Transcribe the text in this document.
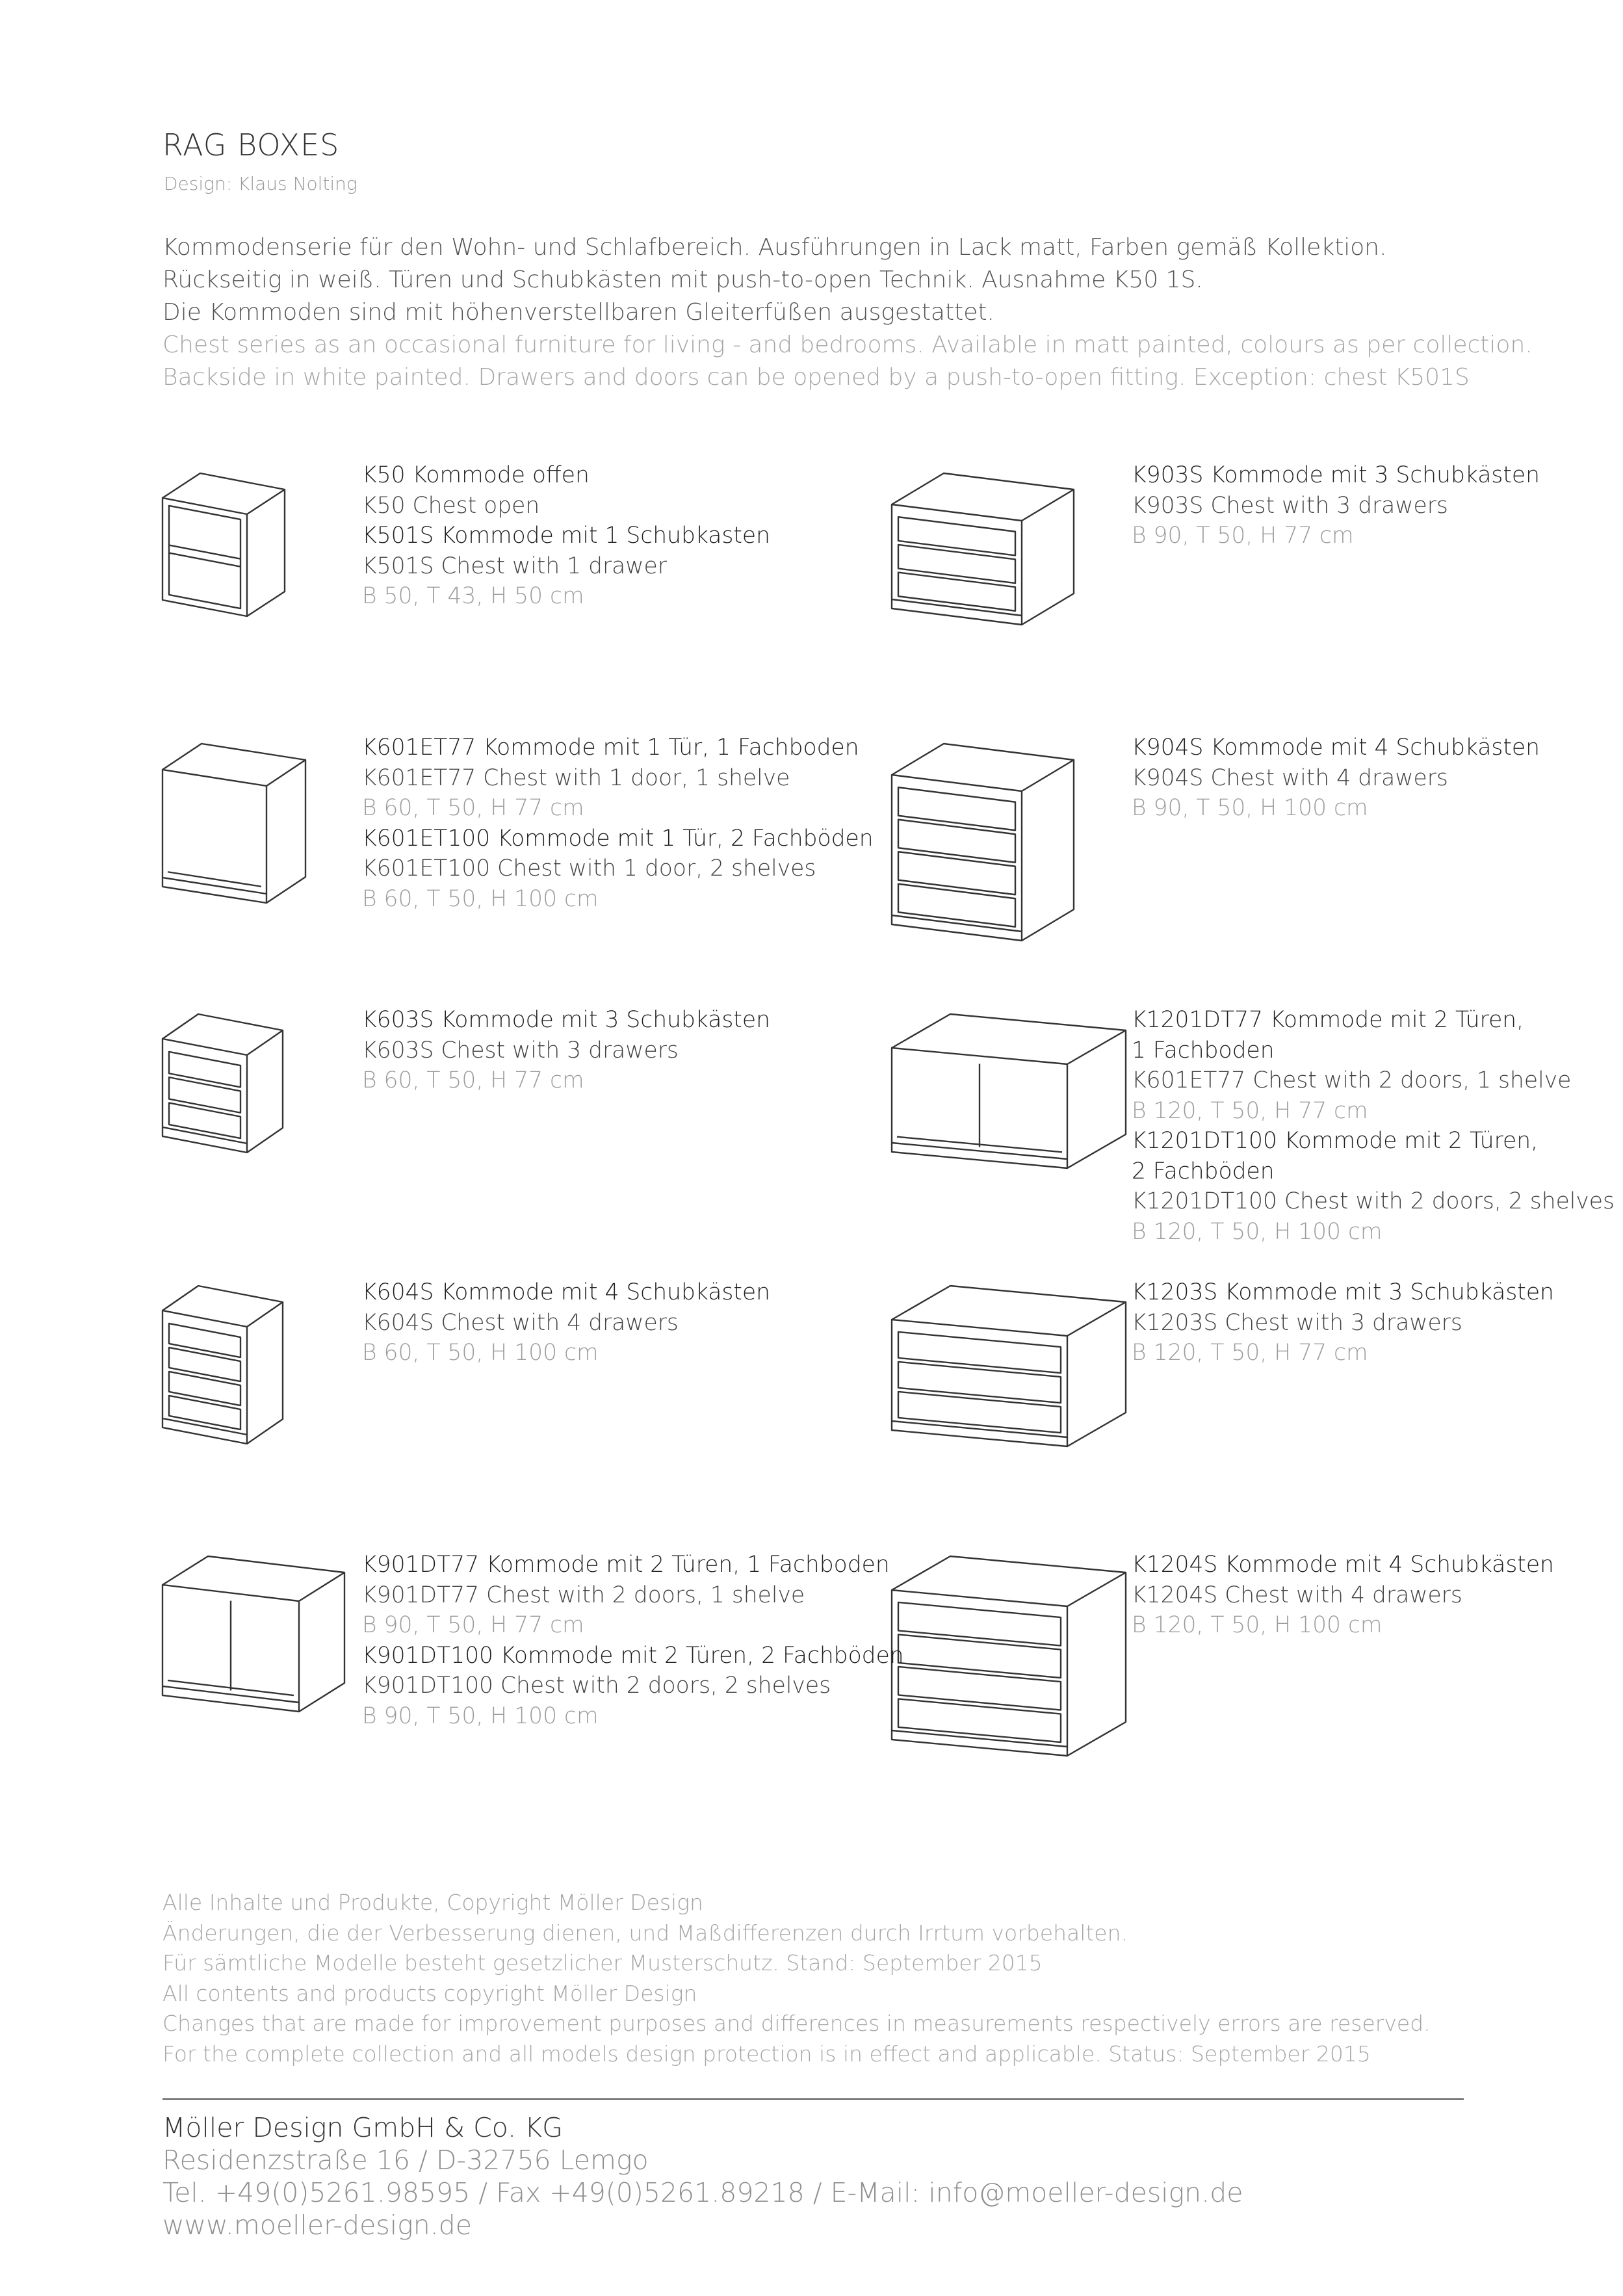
RAG BOXES
Design: Klaus Nolting
Kommodenserie für den Wohn- und Schlafbereich. Ausführungen in Lack matt, Farben gemäß Kollektion.
Rückseitig in weiß. Türen und Schubkästen mit push-to-open Technik. Ausnahme K50 1S.
Die Kommoden sind mit höhenverstellbaren Gleiterfüßen ausgestattet.
Chest series as an occasional furniture for living - and bedrooms. Available in matt painted, colours as per collection.
Backside in white painted. Drawers and doors can be opened by a push-to-open fitting. Exception: chest K501S
K50 Kommode offen
K50 Chest open
K501S Kommode mit 1 Schubkasten
K501S Chest with 1 drawer
B 50, T 43, H 50 cm
K903S Kommode mit 3 Schubkästen
K903S Chest with 3 drawers
B 90, T 50, H 77 cm
K601ET77 Kommode mit 1 Tür, 1 Fachboden
K601ET77 Chest with 1 door, 1 shelve
B 60, T 50, H 77 cm
K601ET100 Kommode mit 1 Tür, 2 Fachböden
K601ET100 Chest with 1 door, 2 shelves
B 60, T 50, H 100 cm
K904S Kommode mit 4 Schubkästen
K904S Chest with 4 drawers
B 90, T 50, H 100 cm
K603S Kommode mit 3 Schubkästen
K603S Chest with 3 drawers
B 60, T 50, H 77 cm
K1201DT77 Kommode mit 2 Türen,
1 Fachboden
K601ET77 Chest with 2 doors, 1 shelve
B 120, T 50, H 77 cm
K1201DT100 Kommode mit 2 Türen,
2 Fachböden
K1201DT100 Chest with 2 doors, 2 shelves
B 120, T 50, H 100 cm
K604S Kommode mit 4 Schubkästen
K604S Chest with 4 drawers
B 60, T 50, H 100 cm
K1203S Kommode mit 3 Schubkästen
K1203S Chest with 3 drawers
B 120, T 50, H 77 cm
K901DT77 Kommode mit 2 Türen, 1 Fachboden
K901DT77 Chest with 2 doors, 1 shelve
B 90, T 50, H 77 cm
K901DT100 Kommode mit 2 Türen, 2 Fachböden
K901DT100 Chest with 2 doors, 2 shelves
B 90, T 50, H 100 cm
K1204S Kommode mit 4 Schubkästen
K1204S Chest with 4 drawers
B 120, T 50, H 100 cm
Alle Inhalte und Produkte, Copyright Möller Design
Änderungen, die der Verbesserung dienen, und Maßdifferenzen durch Irrtum vorbehalten.
Für sämtliche Modelle besteht gesetzlicher Musterschutz. Stand: September 2015
All contents and products copyright Möller Design
Changes that are made for improvement purposes and differences in measurements respectively errors are reserved.
For the complete collection and all models design protection is in effect and applicable. Status: September 2015
Möller Design GmbH & Co. KG
Residenzstraße 16 / D-32756 Lemgo
Tel. +49(0)5261.98595 / Fax +49(0)5261.89218 / E-Mail: info@moeller-design.de
www.moeller-design.de
